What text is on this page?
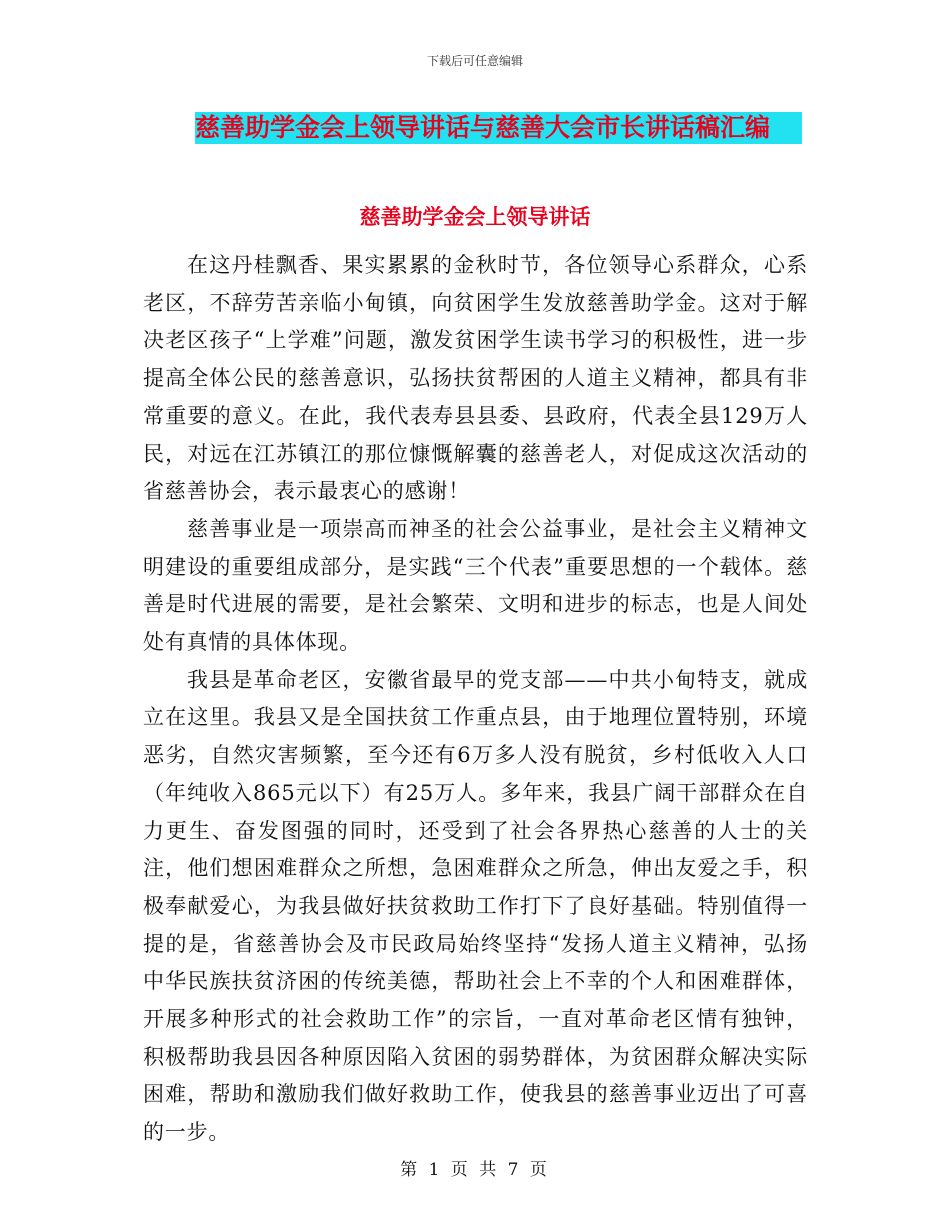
下载后可任意编辑
慈善助学金会上领导讲话与慈善大会市长讲话稿汇编
慈善助学金会上领导讲话

在这丹桂飘香、果实累累的金秋时节，各位领导心系群众，心系老区，不辞劳苦亲临小甸镇，向贫困学生发放慈善助学金。这对于解决老区孩子“上学难”问题，激发贫困学生读书学习的积极性，进一步提高全体公民的慈善意识，弘扬扶贫帮困的人道主义精神，都具有非常重要的意义。在此，我代表寿县县委、县政府，代表全县129万人民，对远在江苏镇江的那位慷慨解囊的慈善老人，对促成这次活动的省慈善协会，表示最衷心的感谢！

慈善事业是一项崇高而神圣的社会公益事业，是社会主义精神文明建设的重要组成部分，是实践“三个代表”重要思想的一个载体。慈善是时代进展的需要，是社会繁荣、文明和进步的标志，也是人间处处有真情的具体体现。

我县是革命老区，安徽省最早的党支部——中共小甸特支，就成立在这里。我县又是全国扶贫工作重点县，由于地理位置特别，环境恶劣，自然灾害频繁，至今还有6万多人没有脱贫，乡村低收入人口（年纯收入865元以下）有25万人。多年来，我县广阔干部群众在自力更生、奋发图强的同时，还受到了社会各界热心慈善的人士的关注，他们想困难群众之所想，急困难群众之所急，伸出友爱之手，积极奉献爱心，为我县做好扶贫救助工作打下了良好基础。特别值得一提的是，省慈善协会及市民政局始终坚持“发扬人道主义精神，弘扬中华民族扶贫济困的传统美德，帮助社会上不幸的个人和困难群体，开展多种形式的社会救助工作”的宗旨，一直对革命老区情有独钟，积极帮助我县因各种原因陷入贫困的弱势群体，为贫困群众解决实际困难，帮助和激励我们做好救助工作，使我县的慈善事业迈出了可喜的一步。

第 1 页 共 7 页
